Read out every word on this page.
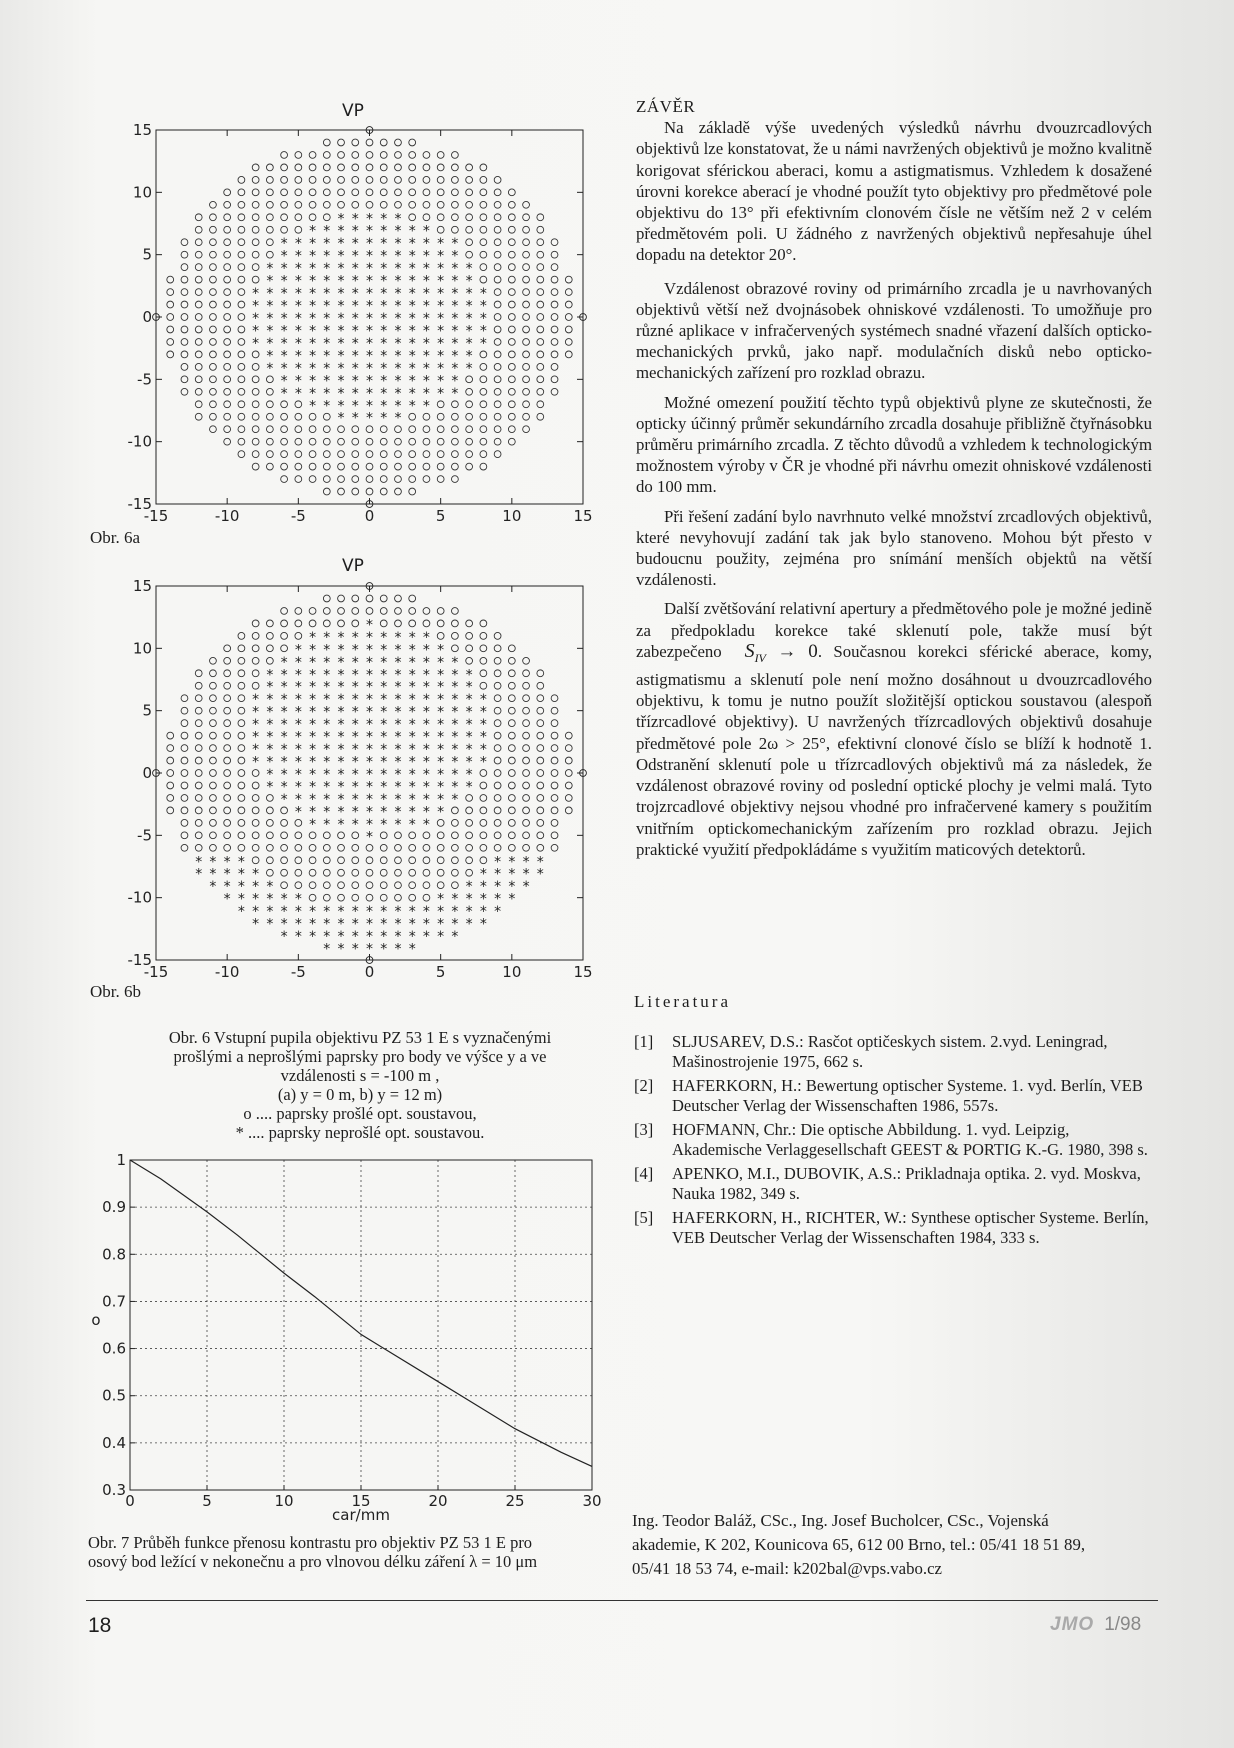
VP
-15	-10	-5	0	5	10	15
15
10
5
0
-5
-10
-15
*
*
*
*
*
*
*
*
*
*
*
*
*
*
*
*
*
*
*
*
*
*
*
*
*
*
*
*
*
*
*
*
*
*
*
*
*
*
*
*
*
*
*
*
*
*
*
*
*
*
*
*
*
*
*
*
*
*
*
*
*
*
*
*
*
*
*
*
*
*
*
*
*
*
*
*
*
*
*
*
*
*
*
*
*
*
*
*
*
*
*
*
*
*
*
*
*
*
*
*
*
*
*
*
*
*
*
*
*
*
*
*
*
*
*
*
*
*
*
*
*
*
*
*
*
*
*
*
*
*
*
*
*
*
*
*
*
*
*
*
*
*
*
*
*
*
*
*
*
*
*
*
*
*
*
*
*
*
*
*
*
*
*
*
*
*
*
*
*
*
*
*
*
*
*
*
*
*
*
*
*
*
*
*
*
*
*
*
*
*
*
*
*
*
*
*
*
*
*
*
*
*
*
*
*
*
*
*
*
*
*
*
*
*
*
*
*
*
*
*
*
*
*
*
*
Obr. 6a
VP
-15	-10	-5	0	5	10	15
15
10
5
0
-5
-10
-15
*
*
*
*
*
*
*
*
*
*
*
*
*
*
*
*
*
*
*
*
*
*
*
*
*
*
*
*
*
*
*
*
*
*
*
*
*
*
*
*
*
*
*
*
*
*
*
*
*
*
*
*
*
*
*
*
*
*
*
*
*
*
*
*
*
*
*
*
*
*
*
*
*
*
*
*
*
*
*
*
*
*
*
*
*
*
*
*
*
*
*
*
*
*
*
*
*
*
*
*
*
*
*
*
*
*
*
*
*
*
*
*
*
*
*
*
*
*
*
*
*
*
*
*
*
*
*
*
*
*
*
*
*
*
*
*
*
*
*
*
*
*
*
*
*
*
*
*
*
*
*
*
*
*
*
*
*
*
*
*
*
*
*
*
*
*
*
*
*
*
*
*
*
*
*
*
*
*
*
*
*
*
*
*
*
*
*
*
*
*
*
*
*
*
*
*
*
*
*
*
*
*
*
*
*
*
*
*
*
*
*
*
*
*
*
*
*
*
*
*
*
*
*
*
*
*
*
*
*
*
*
*
*
*
*
*
*
*
*
*
*
*
*
*
*
*
*
*
*
*
*
*
*
*
*
*
*
*
*
*
*
*
*
*
*
*
*
*
*
*
*
*
*
*
*
*
*
*
*
*
*
*
*
*
*
*
*
*
*
*
*
*
*
*
*
*
*
*
*
*
*
*
*
*
*
*
*
*
*
*
*
*
*
*
*
*
*
*
*
*
*
*
*
*
*
*
Obr. 6b

Obr. 6 Vstupní pupila objektivu PZ 53 1 E s vyznačenými

prošlými a neprošlými paprsky pro body ve výšce y a ve

vzdálenosti s = -100 m ,

(a) y = 0 m, b) y = 12 m)

o .... paprsky prošlé opt. soustavou,

* .... paprsky neprošlé opt. soustavou.

0	5	10	15	20	25	30
1
0.9
0.8
0.7
0.6
0.5
0.4
0.3
car/mm
o

Obr. 7 Průběh funkce přenosu kontrastu pro objektiv PZ 53 1 E pro

osový bod ležící v nekonečnu a pro vlnovou délku záření λ = 10 μm

ZÁVĚR

Na základě výše uvedených výsledků návrhu dvouzrcadlových objektivů lze konstatovat, že u námi navržených objektivů je možno kvalitně korigovat sférickou aberaci, komu a astigmatismus. Vzhledem k dosažené úrovni korekce aberací je vhodné použít tyto objektivy pro předmětové pole objektivu do 13° při efektivním clonovém čísle ne větším než 2 v celém předmětovém poli. U žádného z navržených objektivů nepřesahuje úhel dopadu na detektor 20°.

Vzdálenost obrazové roviny od primárního zrcadla je u navrhovaných objektivů větší než dvojnásobek ohniskové vzdálenosti. To umožňuje pro různé aplikace v infračervených systémech snadné vřazení dalších opticko-mechanických prvků, jako např. modulačních disků nebo opticko-mechanických zařízení pro rozklad obrazu.

Možné omezení použití těchto typů objektivů plyne ze skutečnosti, že opticky účinný průměr sekundárního zrcadla dosahuje přibližně čtyřnásobku průměru primárního zrcadla. Z těchto důvodů a vzhledem k technologickým možnostem výroby v ČR je vhodné při návrhu omezit ohniskové vzdálenosti do 100 mm.

Při řešení zadání bylo navrhnuto velké množství zrcadlových objektivů, které nevyhovují zadání tak jak bylo stanoveno. Mohou být přesto v budoucnu použity, zejména pro snímání menších objektů na větší vzdálenosti.

Další zvětšování relativní apertury a předmětového pole je možné jedině za předpokladu korekce také sklenutí pole, takže musí být zabezpečeno $S_{IV} \to 0$. Současnou korekci sférické aberace, komy, astigmatismu a sklenutí pole není možno dosáhnout u dvouzrcadlového objektivu, k tomu je nutno použít složitější optickou soustavou (alespoň třízrcadlové objektivy). U navržených třízrcadlových objektivů dosahuje předmětové pole 2ω > 25°, efektivní clonové číslo se blíží k hodnotě 1. Odstranění sklenutí pole u třízrcadlových objektivů má za následek, že vzdálenost obrazové roviny od poslední optické plochy je velmi malá. Tyto trojzrcadlové objektivy nejsou vhodné pro infračervené kamery s použitím vnitřním optickomechanickým zařízením pro rozklad obrazu. Jejich praktické využití předpokládáme s využitím maticových detektorů.

Literatura
[1]	SLJUSAREV, D.S.: Rasčot optičeskych sistem. 2.vyd. Leningrad, Mašinostrojenie 1975, 662 s.
[2]	HAFERKORN, H.: Bewertung optischer Systeme. 1. vyd. Berlín, VEB Deutscher Verlag der Wissenschaften 1986, 557s.
[3]	HOFMANN, Chr.: Die optische Abbildung. 1. vyd. Leipzig, Akademische Verlaggesellschaft GEEST & PORTIG K.-G. 1980, 398 s.
[4]	APENKO, M.I., DUBOVIK, A.S.: Prikladnaja optika. 2. vyd. Moskva, Nauka 1982, 349 s.
[5]	HAFERKORN, H., RICHTER, W.: Synthese optischer Systeme. Berlín, VEB Deutscher Verlag der Wissenschaften 1984, 333 s.
Ing. Teodor Baláž, CSc., Ing. Josef Bucholcer, CSc., Vojenská
akademie, K 202, Kounicova 65, 612 00 Brno, tel.: 05/41 18 51 89,
05/41 18 53 74, e-mail: k202bal@vps.vabo.cz
18	JMO 1/98
